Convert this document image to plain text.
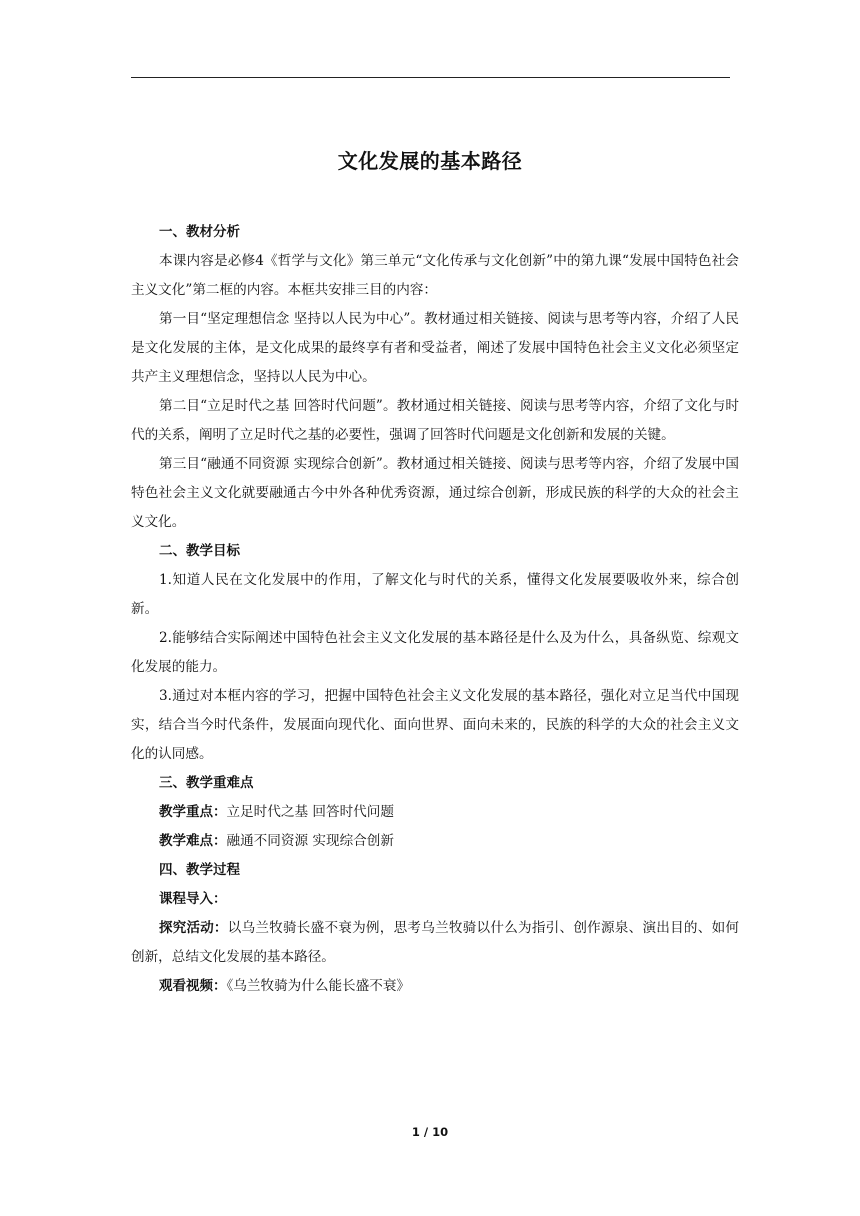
文化发展的基本路径

一、教材分析

本课内容是必修4《哲学与文化》第三单元“文化传承与文化创新”中的第九课“发展中国特色社会主义文化”第二框的内容。本框共安排三目的内容：

第一目“坚定理想信念 坚持以人民为中心”。教材通过相关链接、阅读与思考等内容，介绍了人民是文化发展的主体，是文化成果的最终享有者和受益者，阐述了发展中国特色社会主义文化必须坚定共产主义理想信念，坚持以人民为中心。

第二目“立足时代之基 回答时代问题”。教材通过相关链接、阅读与思考等内容，介绍了文化与时代的关系，阐明了立足时代之基的必要性，强调了回答时代问题是文化创新和发展的关键。

第三目“融通不同资源 实现综合创新”。教材通过相关链接、阅读与思考等内容，介绍了发展中国特色社会主义文化就要融通古今中外各种优秀资源，通过综合创新，形成民族的科学的大众的社会主义文化。

二、教学目标

1.知道人民在文化发展中的作用，了解文化与时代的关系，懂得文化发展要吸收外来，综合创新。

2.能够结合实际阐述中国特色社会主义文化发展的基本路径是什么及为什么，具备纵览、综观文化发展的能力。

3.通过对本框内容的学习，把握中国特色社会主义文化发展的基本路径，强化对立足当代中国现实，结合当今时代条件，发展面向现代化、面向世界、面向未来的，民族的科学的大众的社会主义文化的认同感。

三、教学重难点

教学重点：立足时代之基 回答时代问题

教学难点：融通不同资源 实现综合创新

四、教学过程

课程导入：

探究活动：以乌兰牧骑长盛不衰为例，思考乌兰牧骑以什么为指引、创作源泉、演出目的、如何创新，总结文化发展的基本路径。

观看视频：《乌兰牧骑为什么能长盛不衰》

1 / 10
